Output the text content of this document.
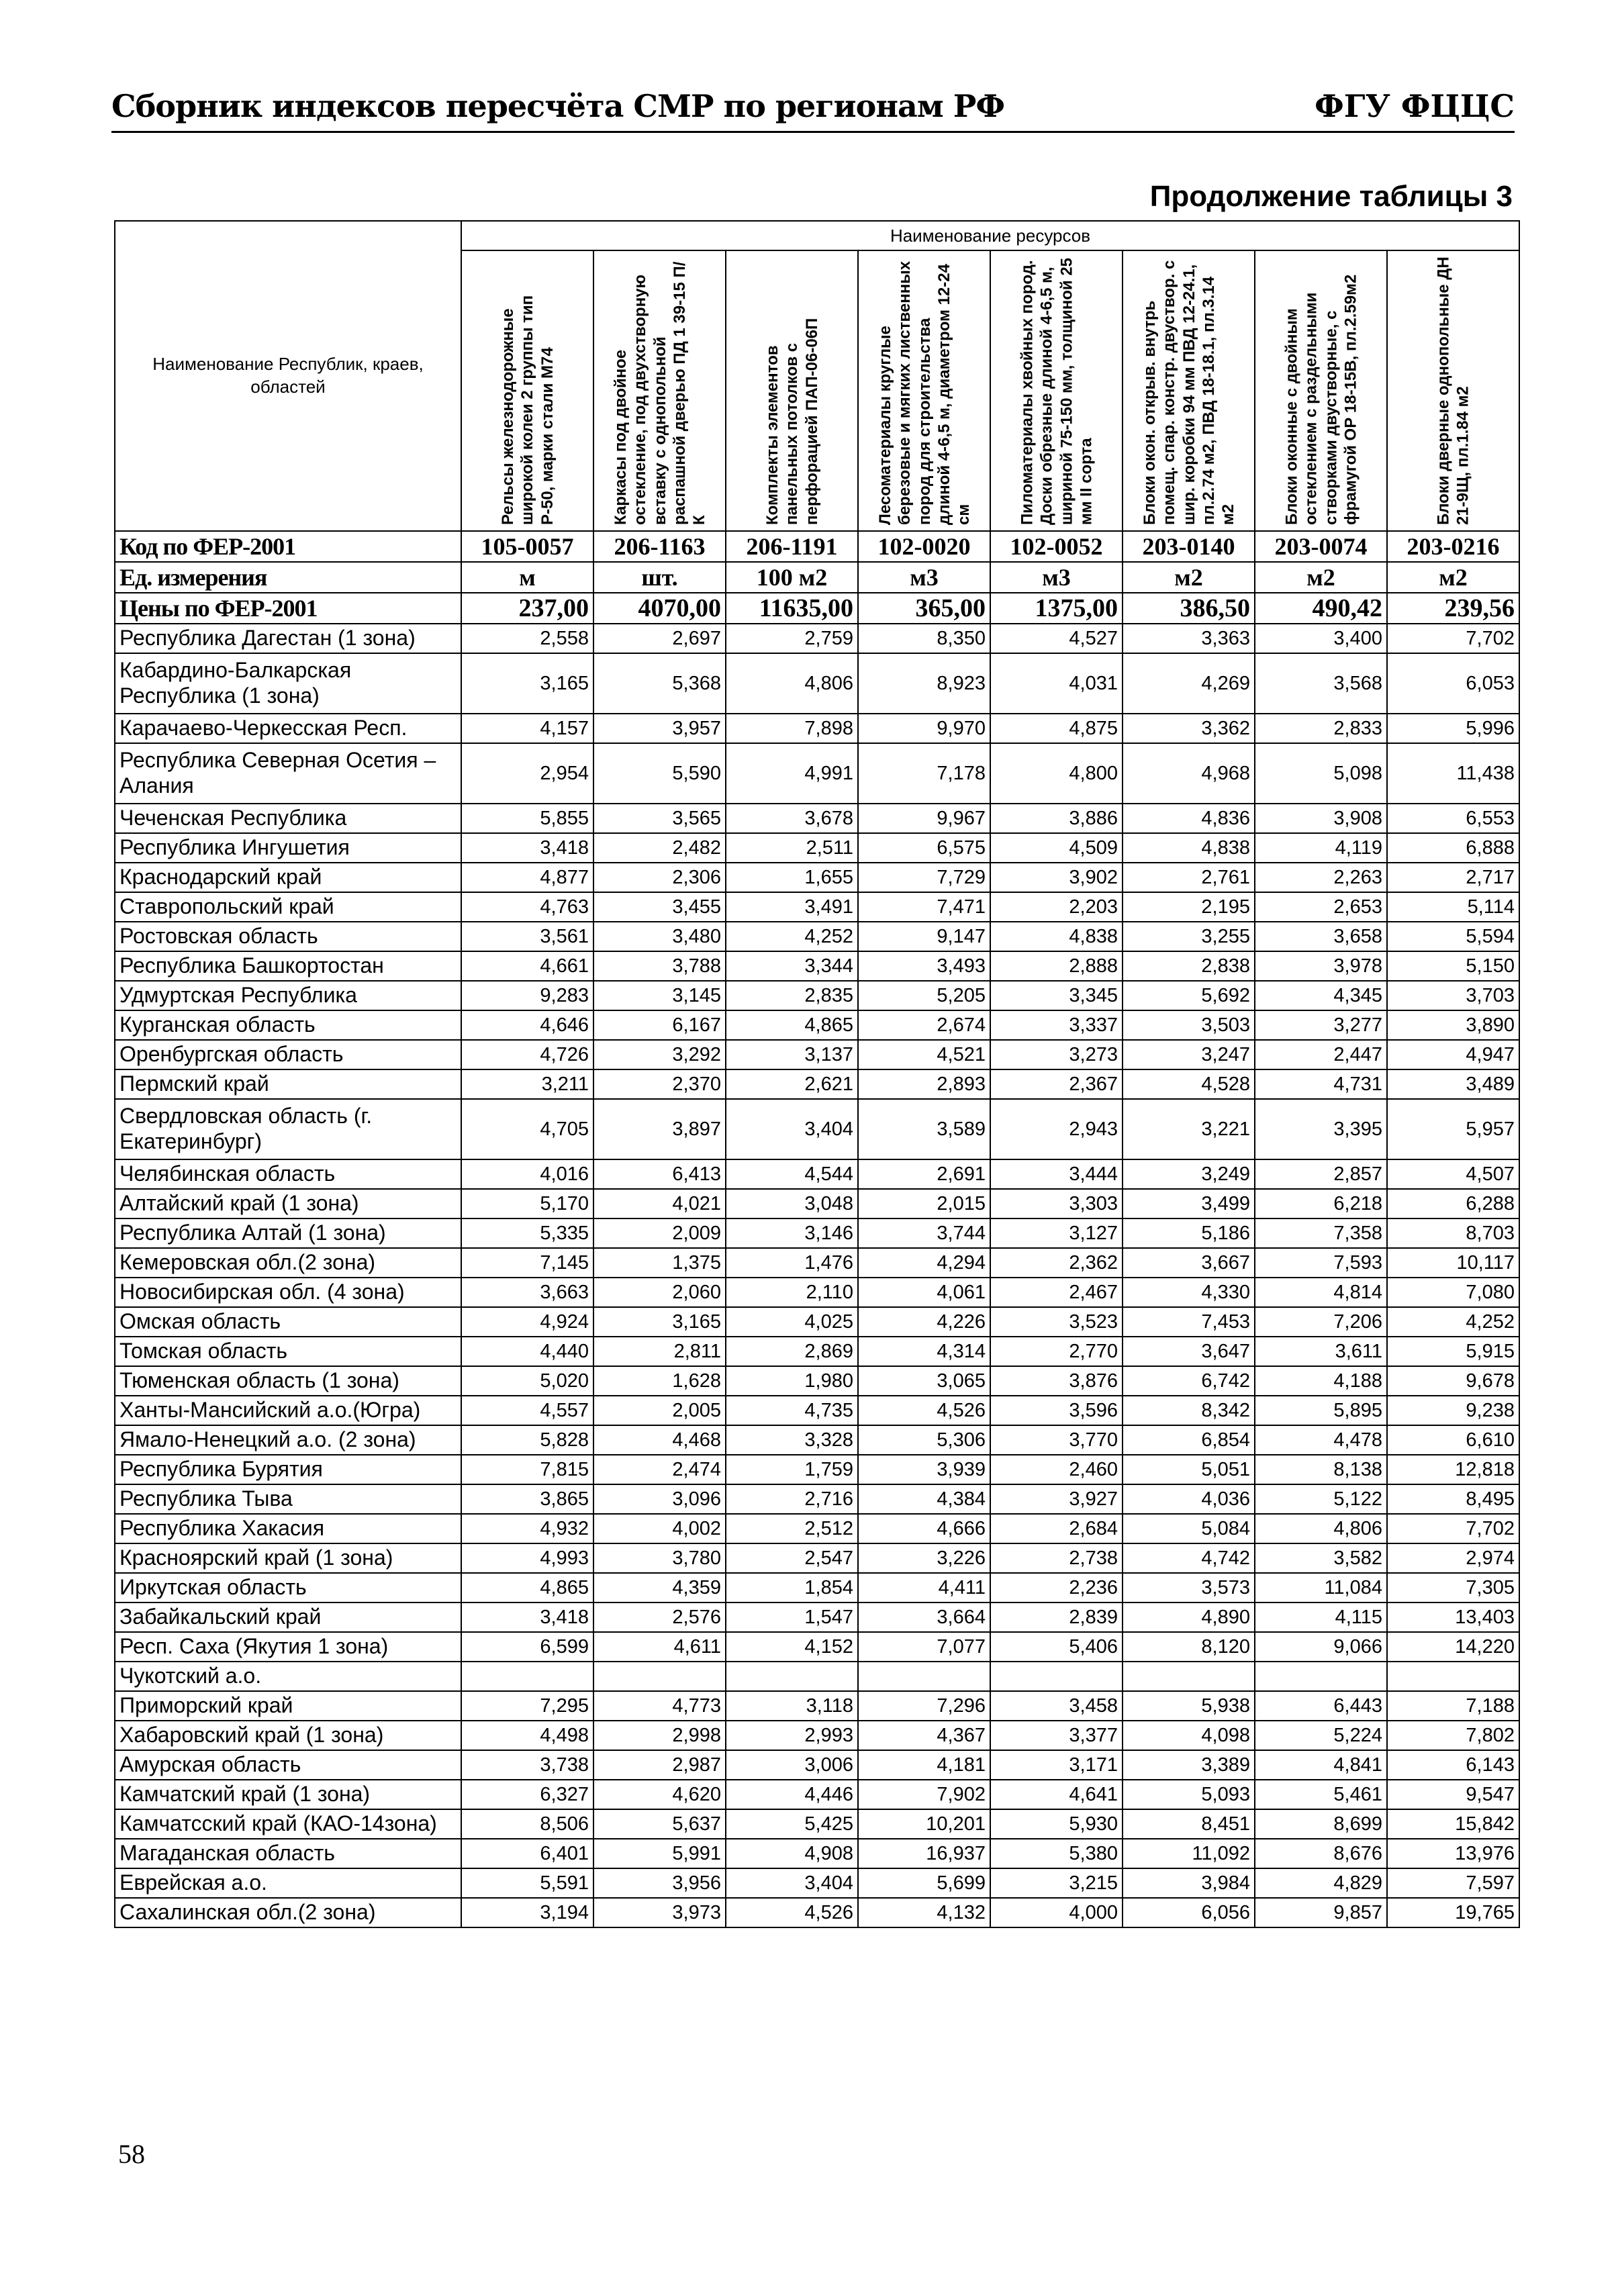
Сборник индексов пересчёта СМР по регионам РФ	ФГУ ФЦЦС
Продолжение таблицы 3
Наименование Республик, краев, областей	Наименование ресурсов							

	Рельсы железнодорожные широкой колеи 2 группы тип Р-50, марки стали М74	Каркасы под двойное остекление, под двухстворную вставку с однопольной распашной дверью ПД 1 39-15 П/К	Комплекты элементов панельных потолков с перфорацией ПАП-06-06П	Лесоматериалы круглые березовые и мягких лиственных пород для строительства длиной 4-6,5 м, диаметром 12-24 см	Пиломатериалы хвойных пород. Доски обрезные длиной 4-6,5 м, шириной 75-150 мм, толщиной 25 мм II сорта	Блоки окон. открыв. внутрь помещ. спар. констр. двуствор. с шир. коробки 94 мм ПВД 12-24.1, пл.2.74 м2, ПВД 18-18.1, пл.3.14 м2	Блоки оконные с двойным остеклением с раздельными створками двустворные, с фрамугой ОР 18-15В, пл.2.59м2	Блоки дверные однопольные ДН 21-9Щ, пл.1.84 м2

Код по ФЕР-2001	105-0057	206-1163	206-1191	102-0020	102-0052	203-0140	203-0074	203-0216
Ед. измерения	м	шт.	100 м2	м3	м3	м2	м2	м2
Цены по ФЕР-2001	237,00	4070,00	11635,00	365,00	1375,00	386,50	490,42	239,56
Республика Дагестан (1 зона)	2,558	2,697	2,759	8,350	4,527	3,363	3,400	7,702
Кабардино-Балкарская Республика (1 зона)	3,165	5,368	4,806	8,923	4,031	4,269	3,568	6,053
Карачаево-Черкесская Респ.	4,157	3,957	7,898	9,970	4,875	3,362	2,833	5,996
Республика Северная Осетия – Алания	2,954	5,590	4,991	7,178	4,800	4,968	5,098	11,438
Чеченская Республика	5,855	3,565	3,678	9,967	3,886	4,836	3,908	6,553
Республика Ингушетия	3,418	2,482	2,511	6,575	4,509	4,838	4,119	6,888
Краснодарский край	4,877	2,306	1,655	7,729	3,902	2,761	2,263	2,717
Ставропольский край	4,763	3,455	3,491	7,471	2,203	2,195	2,653	5,114
Ростовская область	3,561	3,480	4,252	9,147	4,838	3,255	3,658	5,594
Республика Башкортостан	4,661	3,788	3,344	3,493	2,888	2,838	3,978	5,150
Удмуртская Республика	9,283	3,145	2,835	5,205	3,345	5,692	4,345	3,703
Курганская область	4,646	6,167	4,865	2,674	3,337	3,503	3,277	3,890
Оренбургская область	4,726	3,292	3,137	4,521	3,273	3,247	2,447	4,947
Пермский край	3,211	2,370	2,621	2,893	2,367	4,528	4,731	3,489
Свердловская область (г. Екатеринбург)	4,705	3,897	3,404	3,589	2,943	3,221	3,395	5,957
Челябинская область	4,016	6,413	4,544	2,691	3,444	3,249	2,857	4,507
Алтайский край (1 зона)	5,170	4,021	3,048	2,015	3,303	3,499	6,218	6,288
Республика Алтай (1 зона)	5,335	2,009	3,146	3,744	3,127	5,186	7,358	8,703
Кемеровская обл.(2 зона)	7,145	1,375	1,476	4,294	2,362	3,667	7,593	10,117
Новосибирская обл. (4 зона)	3,663	2,060	2,110	4,061	2,467	4,330	4,814	7,080
Омская область	4,924	3,165	4,025	4,226	3,523	7,453	7,206	4,252
Томская область	4,440	2,811	2,869	4,314	2,770	3,647	3,611	5,915
Тюменская область (1 зона)	5,020	1,628	1,980	3,065	3,876	6,742	4,188	9,678
Ханты-Мансийский а.о.(Югра)	4,557	2,005	4,735	4,526	3,596	8,342	5,895	9,238
Ямало-Ненецкий а.о. (2 зона)	5,828	4,468	3,328	5,306	3,770	6,854	4,478	6,610
Республика Бурятия	7,815	2,474	1,759	3,939	2,460	5,051	8,138	12,818
Республика Тыва	3,865	3,096	2,716	4,384	3,927	4,036	5,122	8,495
Республика Хакасия	4,932	4,002	2,512	4,666	2,684	5,084	4,806	7,702
Красноярский край (1 зона)	4,993	3,780	2,547	3,226	2,738	4,742	3,582	2,974
Иркутская область	4,865	4,359	1,854	4,411	2,236	3,573	11,084	7,305
Забайкальский край	3,418	2,576	1,547	3,664	2,839	4,890	4,115	13,403
Респ. Саха (Якутия 1 зона)	6,599	4,611	4,152	7,077	5,406	8,120	9,066	14,220
Чукотский а.о.								
Приморский край	7,295	4,773	3,118	7,296	3,458	5,938	6,443	7,188
Хабаровский край (1 зона)	4,498	2,998	2,993	4,367	3,377	4,098	5,224	7,802
Амурская область	3,738	2,987	3,006	4,181	3,171	3,389	4,841	6,143
Камчатский край (1 зона)	6,327	4,620	4,446	7,902	4,641	5,093	5,461	9,547
Камчатсский край (КАО-14зона)	8,506	5,637	5,425	10,201	5,930	8,451	8,699	15,842
Магаданская область	6,401	5,991	4,908	16,937	5,380	11,092	8,676	13,976
Еврейская а.о.	5,591	3,956	3,404	5,699	3,215	3,984	4,829	7,597
Сахалинская обл.(2 зона)	3,194	3,973	4,526	4,132	4,000	6,056	9,857	19,765
58
